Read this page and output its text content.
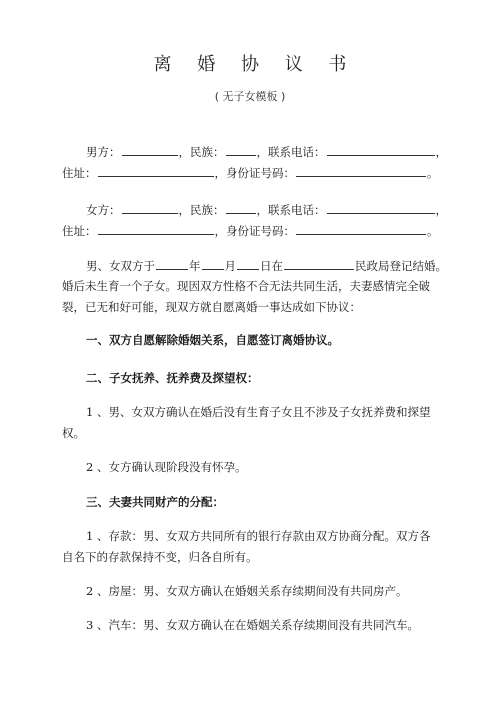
离 婚 协 议 书
( 无子女模板 )
男方：	，民族：	，联系电话：	，
住址：	，身份证号码：	。
女方：	，民族：	，联系电话：	，
住址：	，身份证号码：	。
男、女双方于	年 月 日在	民政局登记结婚。
婚后未生育一个子女。现因双方性格不合无法共同生活，夫妻感情完全破
裂，已无和好可能，现双方就自愿离婚一事达成如下协议：
一、双方自愿解除婚姻关系，自愿签订离婚协议。
二、子女抚养、抚养费及探望权：
1 、男、女双方确认在婚后没有生育子女且不涉及子女抚养费和探望
权。
2 、女方确认现阶段没有怀孕。
三、夫妻共同财产的分配：
1 、存款：男、女双方共同所有的银行存款由双方协商分配。双方各
自名下的存款保持不变，归各自所有。
2 、房屋：男、女双方确认在婚姻关系存续期间没有共同房产。
3 、汽车：男、女双方确认在在婚姻关系存续期间没有共同汽车。
